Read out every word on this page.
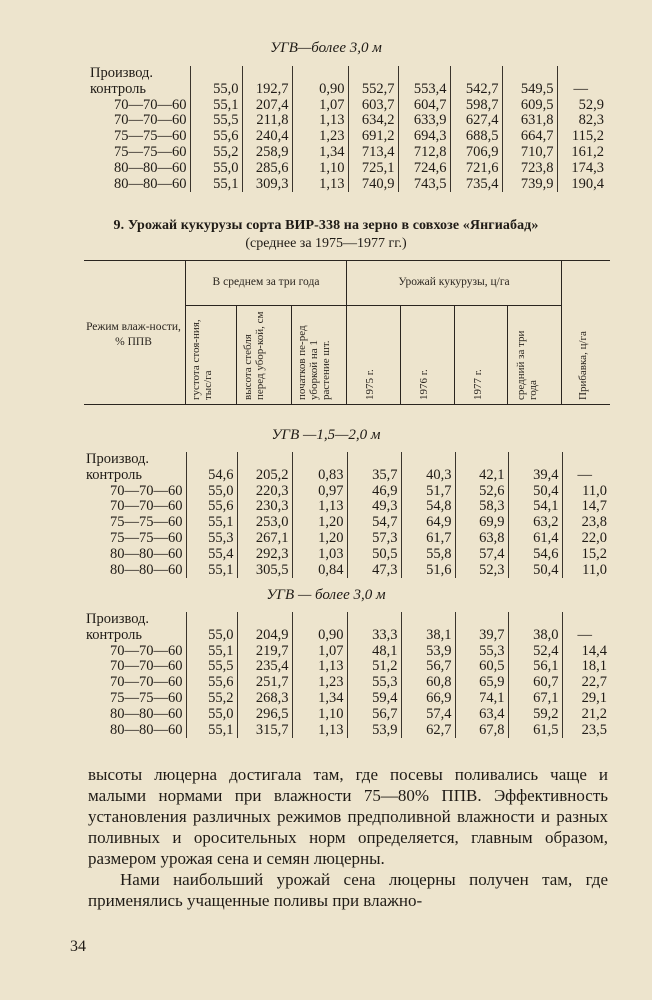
УГВ—более 3,0 м
Производ.								
контроль	55,0	192,7	0,90	552,7	553,4	542,7	549,5	—
70—70—60	55,1	207,4	1,07	603,7	604,7	598,7	609,5	52,9
70—70—60	55,5	211,8	1,13	634,2	633,9	627,4	631,8	82,3
75—75—60	55,6	240,4	1,23	691,2	694,3	688,5	664,7	115,2
75—75—60	55,2	258,9	1,34	713,4	712,8	706,9	710,7	161,2
80—80—60	55,0	285,6	1,10	725,1	724,6	721,6	723,8	174,3
80—80—60	55,1	309,3	1,13	740,9	743,5	735,4	739,9	190,4
9. Урожай кукурузы сорта ВИР-338 на зерно в совхозе «Янгиабад»
(среднее за 1975—1977 гг.)
Режим влаж-ности, % ППВ
В среднем за три года	Урожай кукурузы, ц/га
густота стоя-ния, тыс/га	высота стебля перед убор-кой, см	початков пе-ред уборкой на 1 растение шт.	1975 г.	1976 г.	1977 г.	средний за три года	Прибавка, ц/га
УГВ —1,5—2,0 м
Производ.								
контроль	54,6	205,2	0,83	35,7	40,3	42,1	39,4	—
70—70—60	55,0	220,3	0,97	46,9	51,7	52,6	50,4	11,0
70—70—60	55,6	230,3	1,13	49,3	54,8	58,3	54,1	14,7
75—75—60	55,1	253,0	1,20	54,7	64,9	69,9	63,2	23,8
75—75—60	55,3	267,1	1,20	57,3	61,7	63,8	61,4	22,0
80—80—60	55,4	292,3	1,03	50,5	55,8	57,4	54,6	15,2
80—80—60	55,1	305,5	0,84	47,3	51,6	52,3	50,4	11,0
УГВ — более 3,0 м
Производ.								
контроль	55,0	204,9	0,90	33,3	38,1	39,7	38,0	—
70—70—60	55,1	219,7	1,07	48,1	53,9	55,3	52,4	14,4
70—70—60	55,5	235,4	1,13	51,2	56,7	60,5	56,1	18,1
70—70—60	55,6	251,7	1,23	55,3	60,8	65,9	60,7	22,7
75—75—60	55,2	268,3	1,34	59,4	66,9	74,1	67,1	29,1
80—80—60	55,0	296,5	1,10	56,7	57,4	63,4	59,2	21,2
80—80—60	55,1	315,7	1,13	53,9	62,7	67,8	61,5	23,5

высоты люцерна достигала там, где посевы поливались чаще и малыми нормами при влажности 75—80% ППВ. Эффективность установления различных режимов предполивной влажности и разных поливных и оросительных норм определяется, главным образом, размером урожая сена и семян люцерны.

Нами наибольший урожай сена люцерны получен там, где применялись учащенные поливы при влажно-

34
